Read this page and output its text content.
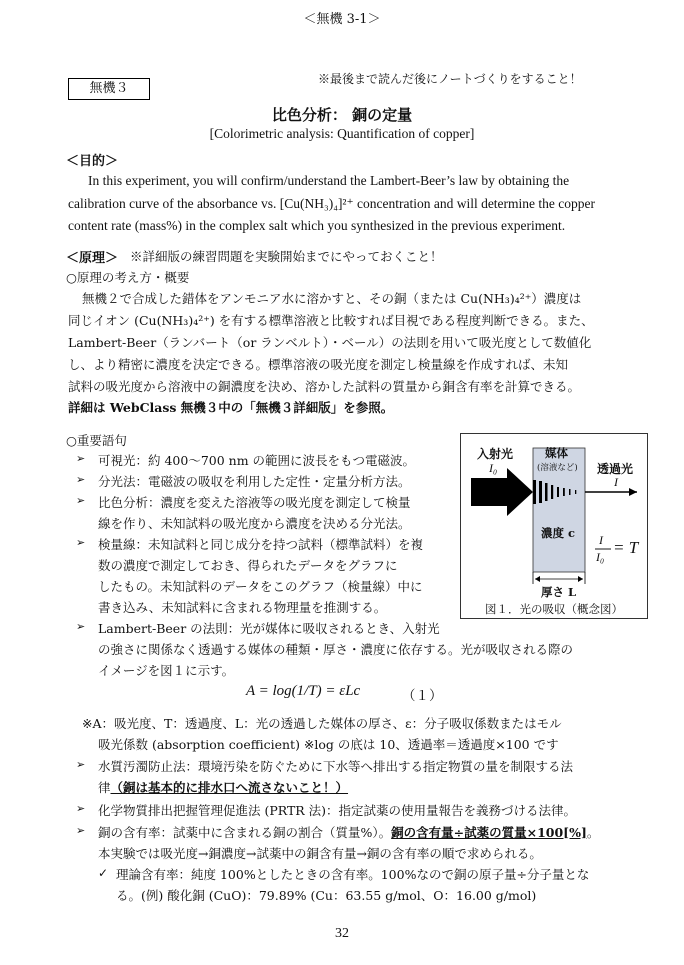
＜無機 3-1＞
無機３
※最後まで読んだ後にノートづくりをすること！
比色分析： 銅の定量
[Colorimetric analysis: Quantification of copper]
＜目的＞
In this experiment, you will confirm/understand the Lambert-Beer’s law by obtaining the
calibration curve of the absorbance vs. [Cu(NH₃)₄]²⁺ concentration and will determine the copper
content rate (mass%) in the complex salt which you synthesized in the previous experiment.
＜原理＞ ※詳細版の練習問題を実験開始までにやっておくこと！
○原理の考え方・概要
無機２で合成した錯体をアンモニア水に溶かすと、その銅（または Cu(NH₃)₄²⁺）濃度は
同じイオン (Cu(NH₃)₄²⁺) を有する標準溶液と比較すれば目視である程度判断できる。また、
Lambert-Beer（ランバート（or ランベルト）・ベール）の法則を用いて吸光度として数値化
し、より精密に濃度を決定できる。標準溶液の吸光度を測定し検量線を作成すれば、未知
試料の吸光度から溶液中の銅濃度を決め、溶かした試料の質量から銅含有率を計算できる。
詳細は WebClass 無機３中の「無機３詳細版」を参照。
○重要語句
➢ 可視光：約 400〜700 nm の範囲に波長をもつ電磁波。
➢ 分光法：電磁波の吸収を利用した定性・定量分析方法。
➢ 比色分析：濃度を変えた溶液等の吸光度を測定して検量
線を作り、未知試料の吸光度から濃度を決める分光法。
➢ 検量線：未知試料と同じ成分を持つ試料（標準試料）を複
数の濃度で測定しておき、得られたデータをグラフに
したもの。未知試料のデータをこのグラフ（検量線）中に
書き込み、未知試料に含まれる物理量を推測する。
➢ Lambert-Beer の法則：光が媒体に吸収されるとき、入射光
の強さに関係なく透過する媒体の種類・厚さ・濃度に依存する。光が吸収される際の
イメージを図１に示す。
入射光
I₀
媒体
(溶液など) 透過光
I
濃度 c I
I₀ = T
厚さ L
図１．光の吸収（概念図）
A = log(1/T) = εLc	（１）
※A：吸光度、T：透過度、L：光の透過した媒体の厚さ、ε：分子吸収係数またはモル
吸光係数 (absorption coefficient) ※log の底は 10、透過率＝透過度×100 です
➢ 水質汚濁防止法：環境汚染を防ぐために下水等へ排出する指定物質の量を制限する法
律（銅は基本的に排水口へ流さないこと！）
➢ 化学物質排出把握管理促進法 (PRTR 法)：指定試薬の使用量報告を義務づける法律。
➢ 銅の含有率：試薬中に含まれる銅の割合（質量%）。銅の含有量÷試薬の質量×100[%]。
本実験では吸光度→銅濃度→試薬中の銅含有量→銅の含有率の順で求められる。
✓ 理論含有率：純度 100%としたときの含有率。100%なので銅の原子量÷分子量とな
る。(例) 酸化銅 (CuO)：79.89% (Cu：63.55 g/mol、O：16.00 g/mol)
32
